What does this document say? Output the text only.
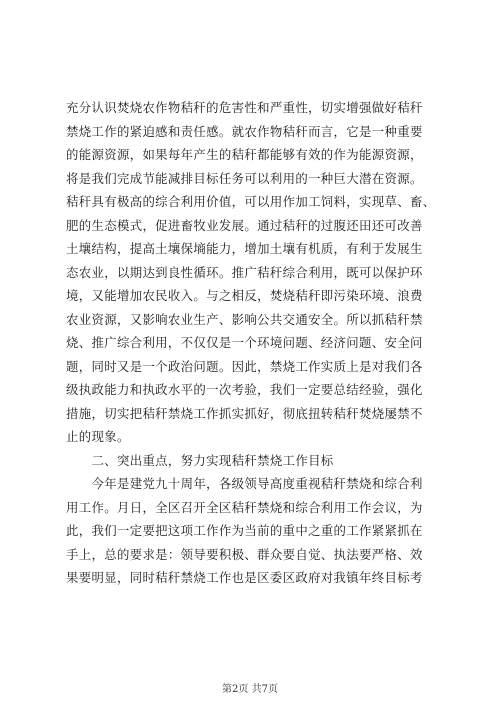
充分认识焚烧农作物秸秆的危害性和严重性，切实增强做好秸秆
禁烧工作的紧迫感和责任感。就农作物秸秆而言，它是一种重要
的能源资源，如果每年产生的秸秆都能够有效的作为能源资源，
将是我们完成节能减排目标任务可以利用的一种巨大潜在资源。
秸秆具有极高的综合利用价值，可以用作加工饲料，实现草、畜、
肥的生态模式，促进畜牧业发展。通过秸秆的过腹还田还可改善
土壤结构，提高土壤保墒能力，增加土壤有机质，有利于发展生
态农业，以期达到良性循环。推广秸秆综合利用，既可以保护环
境，又能增加农民收入。与之相反，焚烧秸秆即污染环境、浪费
农业资源，又影响农业生产、影响公共交通安全。所以抓秸秆禁
烧、推广综合利用，不仅仅是一个环境问题、经济问题、安全问
题，同时又是一个政治问题。因此，禁烧工作实质上是对我们各
级执政能力和执政水平的一次考验，我们一定要总结经验，强化
措施，切实把秸秆禁烧工作抓实抓好，彻底扭转秸秆焚烧屡禁不
止的现象。
　　二、突出重点，努力实现秸秆禁烧工作目标
　　今年是建党九十周年，各级领导高度重视秸秆禁烧和综合利
用工作。月日，全区召开全区秸秆禁烧和综合利用工作会议，为
此，我们一定要把这项工作作为当前的重中之重的工作紧紧抓在
手上，总的要求是：领导要积极、群众要自觉、执法要严格、效
果要明显，同时秸秆禁烧工作也是区委区政府对我镇年终目标考
第2页 共7页
